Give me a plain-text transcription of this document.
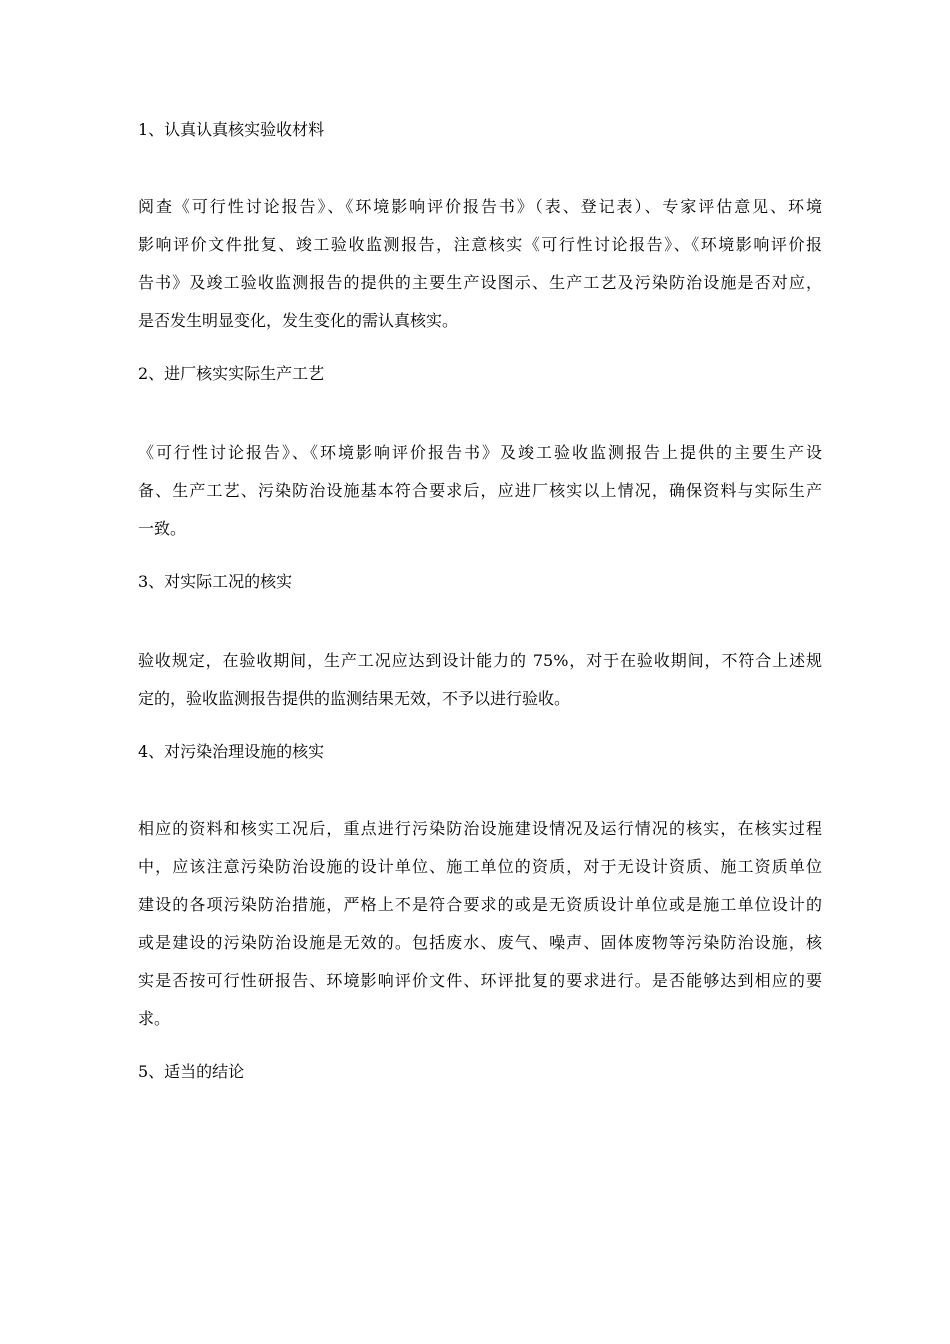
1、认真认真核实验收材料

阅查《可行性讨论报告》、《环境影响评价报告书》（表、登记表）、专家评估意见、环境
影响评价文件批复、竣工验收监测报告，注意核实《可行性讨论报告》、《环境影响评价报
告书》及竣工验收监测报告的提供的主要生产设图示、生产工艺及污染防治设施是否对应，
是否发生明显变化，发生变化的需认真核实。

2、进厂核实实际生产工艺

《可行性讨论报告》、《环境影响评价报告书》及竣工验收监测报告上提供的主要生产设
备、生产工艺、污染防治设施基本符合要求后，应进厂核实以上情况，确保资料与实际生产
一致。

3、对实际工况的核实

验收规定，在验收期间，生产工况应达到设计能力的 75%，对于在验收期间，不符合上述规
定的，验收监测报告提供的监测结果无效，不予以进行验收。

4、对污染治理设施的核实

相应的资料和核实工况后，重点进行污染防治设施建设情况及运行情况的核实，在核实过程
中，应该注意污染防治设施的设计单位、施工单位的资质，对于无设计资质、施工资质单位
建设的各项污染防治措施，严格上不是符合要求的或是无资质设计单位或是施工单位设计的
或是建设的污染防治设施是无效的。包括废水、废气、噪声、固体废物等污染防治设施，核
实是否按可行性研报告、环境影响评价文件、环评批复的要求进行。是否能够达到相应的要
求。

5、适当的结论
